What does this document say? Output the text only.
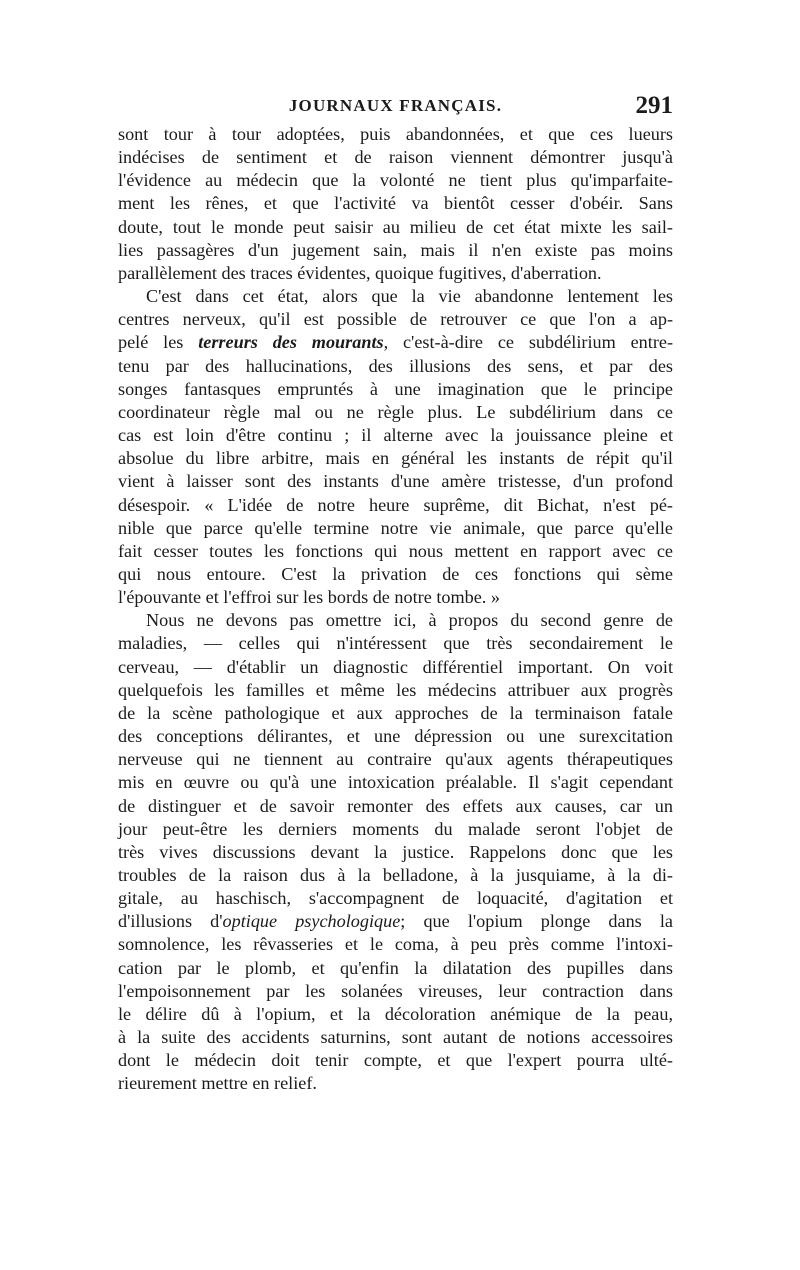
JOURNAUX FRANÇAIS.	291
sont tour à tour adoptées, puis abandonnées, et que ces lueurs
indécises de sentiment et de raison viennent démontrer jusqu'à
l'évidence au médecin que la volonté ne tient plus qu'imparfaite-
ment les rênes, et que l'activité va bientôt cesser d'obéir. Sans
doute, tout le monde peut saisir au milieu de cet état mixte les sail-
lies passagères d'un jugement sain, mais il n'en existe pas moins
parallèlement des traces évidentes, quoique fugitives, d'aberration.
C'est dans cet état, alors que la vie abandonne lentement les
centres nerveux, qu'il est possible de retrouver ce que l'on a ap-
pelé les terreurs des mourants, c'est-à-dire ce subdélirium entre-
tenu par des hallucinations, des illusions des sens, et par des
songes fantasques empruntés à une imagination que le principe
coordinateur règle mal ou ne règle plus. Le subdélirium dans ce
cas est loin d'être continu ; il alterne avec la jouissance pleine et
absolue du libre arbitre, mais en général les instants de répit qu'il
vient à laisser sont des instants d'une amère tristesse, d'un profond
désespoir. « L'idée de notre heure suprême, dit Bichat, n'est pé-
nible que parce qu'elle termine notre vie animale, que parce qu'elle
fait cesser toutes les fonctions qui nous mettent en rapport avec ce
qui nous entoure. C'est la privation de ces fonctions qui sème
l'épouvante et l'effroi sur les bords de notre tombe. »
Nous ne devons pas omettre ici, à propos du second genre de
maladies, — celles qui n'intéressent que très secondairement le
cerveau, — d'établir un diagnostic différentiel important. On voit
quelquefois les familles et même les médecins attribuer aux progrès
de la scène pathologique et aux approches de la terminaison fatale
des conceptions délirantes, et une dépression ou une surexcitation
nerveuse qui ne tiennent au contraire qu'aux agents thérapeutiques
mis en œuvre ou qu'à une intoxication préalable. Il s'agit cependant
de distinguer et de savoir remonter des effets aux causes, car un
jour peut-être les derniers moments du malade seront l'objet de
très vives discussions devant la justice. Rappelons donc que les
troubles de la raison dus à la belladone, à la jusquiame, à la di-
gitale, au haschisch, s'accompagnent de loquacité, d'agitation et
d'illusions d'optique psychologique; que l'opium plonge dans la
somnolence, les rêvasseries et le coma, à peu près comme l'intoxi-
cation par le plomb, et qu'enfin la dilatation des pupilles dans
l'empoisonnement par les solanées vireuses, leur contraction dans
le délire dû à l'opium, et la décoloration anémique de la peau,
à la suite des accidents saturnins, sont autant de notions accessoires
dont le médecin doit tenir compte, et que l'expert pourra ulté-
rieurement mettre en relief.
